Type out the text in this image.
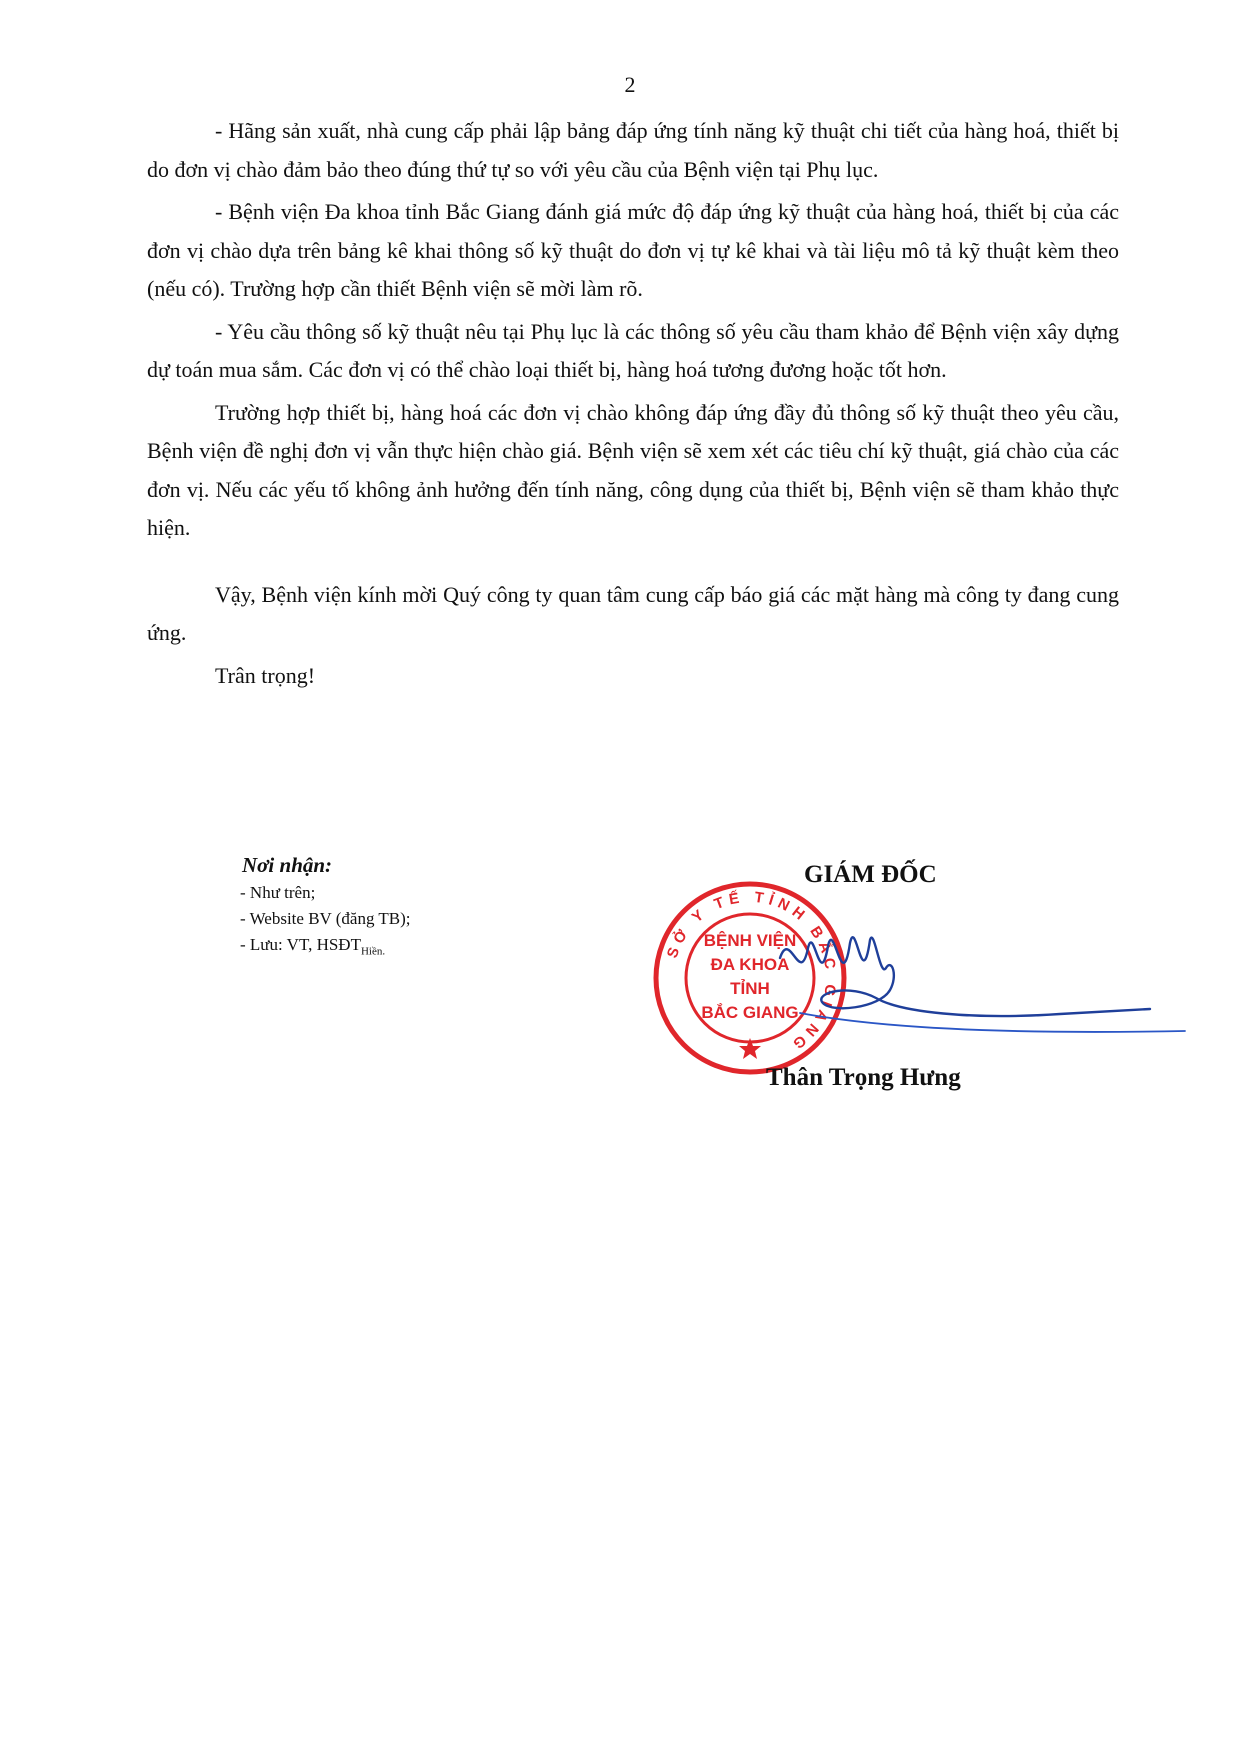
2

- Hãng sản xuất, nhà cung cấp phải lập bảng đáp ứng tính năng kỹ thuật chi tiết của hàng hoá, thiết bị do đơn vị chào đảm bảo theo đúng thứ tự so với yêu cầu của Bệnh viện tại Phụ lục.

- Bệnh viện Đa khoa tỉnh Bắc Giang đánh giá mức độ đáp ứng kỹ thuật của hàng hoá, thiết bị của các đơn vị chào dựa trên bảng kê khai thông số kỹ thuật do đơn vị tự kê khai và tài liệu mô tả kỹ thuật kèm theo (nếu có). Trường hợp cần thiết Bệnh viện sẽ mời làm rõ.

- Yêu cầu thông số kỹ thuật nêu tại Phụ lục là các thông số yêu cầu tham khảo để Bệnh viện xây dựng dự toán mua sắm. Các đơn vị có thể chào loại thiết bị, hàng hoá tương đương hoặc tốt hơn.

Trường hợp thiết bị, hàng hoá các đơn vị chào không đáp ứng đầy đủ thông số kỹ thuật theo yêu cầu, Bệnh viện đề nghị đơn vị vẫn thực hiện chào giá. Bệnh viện sẽ xem xét các tiêu chí kỹ thuật, giá chào của các đơn vị. Nếu các yếu tố không ảnh hưởng đến tính năng, công dụng của thiết bị, Bệnh viện sẽ tham khảo thực hiện.

Vậy, Bệnh viện kính mời Quý công ty quan tâm cung cấp báo giá các mặt hàng mà công ty đang cung ứng.

Trân trọng!

Nơi nhận:
- Như trên;
- Website BV (đăng TB);
- Lưu: VT, $HSĐT_{Hiền.}$
GIÁM ĐỐC
SỞ Y TẾ TỈNH BẮC GIANG
BỆNH VIỆN
ĐA KHOA
TỈNH
BẮC GIANG
Thân Trọng Hưng
